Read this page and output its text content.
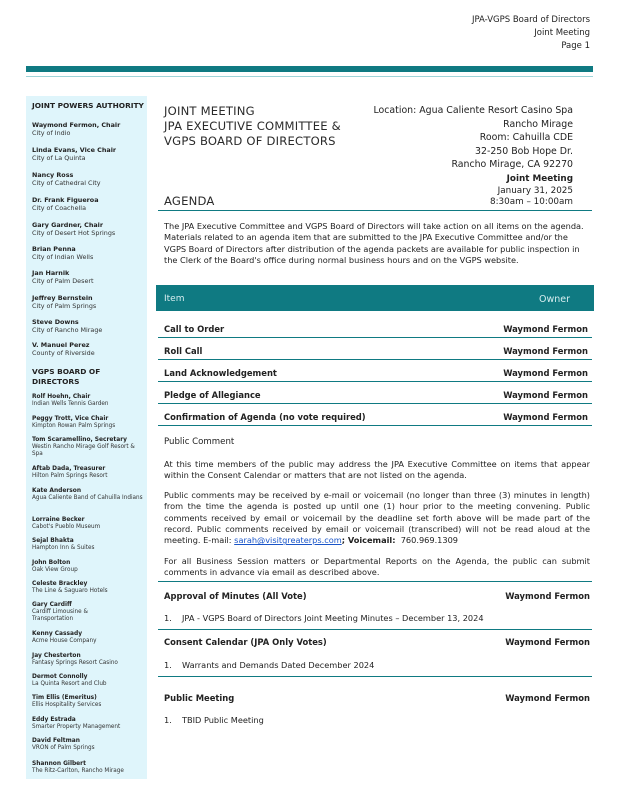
JPA-VGPS Board of Directors
Joint Meeting
Page 1
JOINT POWERS AUTHORITY
Waymond Fermon, Chair
City of Indio
Linda Evans, Vice Chair
City of La Quinta
Nancy Ross
City of Cathedral City
Dr. Frank Figueroa
City of Coachella
Gary Gardner, Chair
City of Desert Hot Springs
Brian Penna
City of Indian Wells
Jan Harnik
City of Palm Desert
Jeffrey Bernstein
City of Palm Springs
Steve Downs
City of Rancho Mirage
V. Manuel Perez
County of Riverside
VGPS BOARD OF DIRECTORS
Rolf Hoehn, Chair
Indian Wells Tennis Garden
Peggy Trott, Vice Chair
Kimpton Rowan Palm Springs
Tom Scaramellino, Secretary
Westin Rancho Mirage Golf Resort & Spa
Aftab Dada, Treasurer
Hilton Palm Springs Resort
Kate Anderson
Agua Caliente Band of Cahuilla Indians
Lorraine Becker
Cabot's Pueblo Museum
Sejal Bhakta
Hampton Inn & Suites
John Bolton
Oak View Group
Celeste Brackley
The Line & Saguaro Hotels
Gary Cardiff
Cardiff Limousine & Transportation
Kenny Cassady
Acme House Company
Jay Chesterton
Fantasy Springs Resort Casino
Dermot Connolly
La Quinta Resort and Club
Tim Ellis (Emeritus)
Ellis Hospitality Services
Eddy Estrada
Smarter Property Management
David Feltman
VRON of Palm Springs
Shannon Gilbert
The Ritz-Carlton, Rancho Mirage
JOINT MEETING
JPA EXECUTIVE COMMITTEE &
VGPS BOARD OF DIRECTORS
Location: Agua Caliente Resort Casino Spa
Rancho Mirage
Room: Cahuilla CDE
32-250 Bob Hope Dr.
Rancho Mirage, CA 92270
Joint Meeting
January 31, 2025
8:30am – 10:00am
AGENDA
The JPA Executive Committee and VGPS Board of Directors will take action on all items on the agenda. Materials related to an agenda item that are submitted to the JPA Executive Committee and/or the VGPS Board of Directors after distribution of the agenda packets are available for public inspection in the Clerk of the Board's office during normal business hours and on the VGPS website.
Item	Owner
Call to Order	Waymond Fermon
Roll Call	Waymond Fermon
Land Acknowledgement	Waymond Fermon
Pledge of Allegiance	Waymond Fermon
Confirmation of Agenda (no vote required)	Waymond Fermon
Public Comment
At this time members of the public may address the JPA Executive Committee on items that appear within the Consent Calendar or matters that are not listed on the agenda.
Public comments may be received by e-mail or voicemail (no longer than three (3) minutes in length) from the time the agenda is posted up until one (1) hour prior to the meeting convening. Public comments received by email or voicemail by the deadline set forth above will be made part of the record. Public comments received by email or voicemail (transcribed) will not be read aloud at the meeting. E-mail: sarah@visitgreaterps.com; Voicemail: 760.969.1309
For all Business Session matters or Departmental Reports on the Agenda, the public can submit comments in advance via email as described above.
Approval of Minutes (All Vote)	Waymond Fermon
1. JPA - VGPS Board of Directors Joint Meeting Minutes – December 13, 2024
Consent Calendar (JPA Only Votes)	Waymond Fermon
1. Warrants and Demands Dated December 2024
Public Meeting	Waymond Fermon
1. TBID Public Meeting
